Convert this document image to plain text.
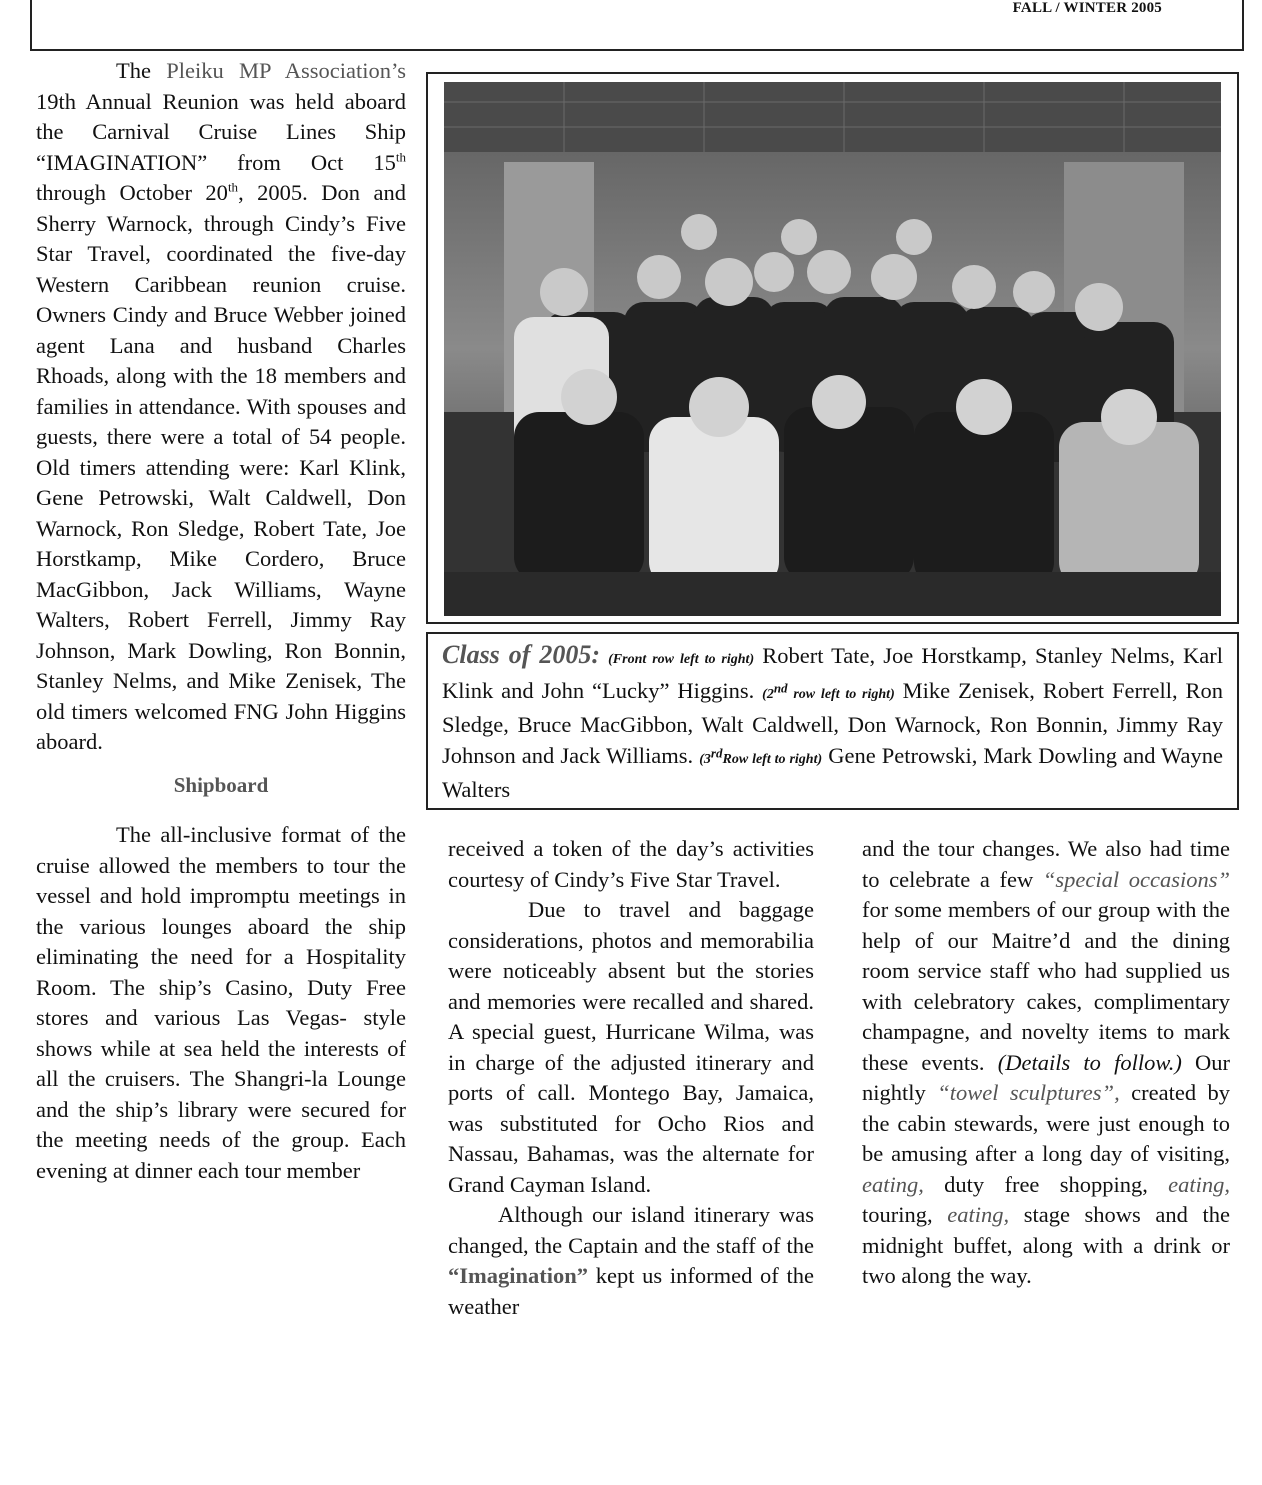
FALL / WINTER 2005

The Pleiku MP Association’s 19th Annual Reunion was held aboard the Carnival Cruise Lines Ship “IMAGINATION” from Oct 15th through October 20th, 2005. Don and Sherry Warnock, through Cindy’s Five Star Travel, coordinated the five-day Western Caribbean reunion cruise. Owners Cindy and Bruce Webber joined agent Lana and husband Charles Rhoads, along with the 18 members and families in attendance. With spouses and guests, there were a total of 54 people. Old timers attending were: Karl Klink, Gene Petrowski, Walt Caldwell, Don Warnock, Ron Sledge, Robert Tate, Joe Horstkamp, Mike Cordero, Bruce MacGibbon, Jack Williams, Wayne Walters, Robert Ferrell, Jimmy Ray Johnson, Mark Dowling, Ron Bonnin, Stanley Nelms, and Mike Zenisek, The old timers welcomed FNG John Higgins aboard.

Shipboard

The all-inclusive format of the cruise allowed the members to tour the vessel and hold impromptu meetings in the various lounges aboard the ship eliminating the need for a Hospitality Room. The ship’s Casino, Duty Free stores and various Las Vegas- style shows while at sea held the interests of all the cruisers. The Shangri-la Lounge and the ship’s library were secured for the meeting needs of the group. Each evening at dinner each tour member

Class of 2005: (Front row left to right) Robert Tate, Joe Horstkamp, Stanley Nelms, Karl Klink and John “Lucky” Higgins. (2nd row left to right) Mike Zenisek, Robert Ferrell, Ron Sledge, Bruce MacGibbon, Walt Caldwell, Don Warnock, Ron Bonnin, Jimmy Ray Johnson and Jack Williams. (3rdRow left to right) Gene Petrowski, Mark Dowling and Wayne Walters

received a token of the day’s activities courtesy of Cindy’s Five Star Travel.

Due to travel and baggage considerations, photos and memorabilia were noticeably absent but the stories and memories were recalled and shared. A special guest, Hurricane Wilma, was in charge of the adjusted itinerary and ports of call. Montego Bay, Jamaica, was substituted for Ocho Rios and Nassau, Bahamas, was the alternate for Grand Cayman Island.

Although our island itinerary was changed, the Captain and the staff of the “Imagination” kept us informed of the weather

and the tour changes. We also had time to celebrate a few “special occasions” for some members of our group with the help of our Maitre’d and the dining room service staff who had supplied us with celebratory cakes, complimentary champagne, and novelty items to mark these events. (Details to follow.) Our nightly “towel sculptures”, created by the cabin stewards, were just enough to be amusing after a long day of visiting, eating, duty free shopping, eating, touring, eating, stage shows and the midnight buffet, along with a drink or two along the way.
